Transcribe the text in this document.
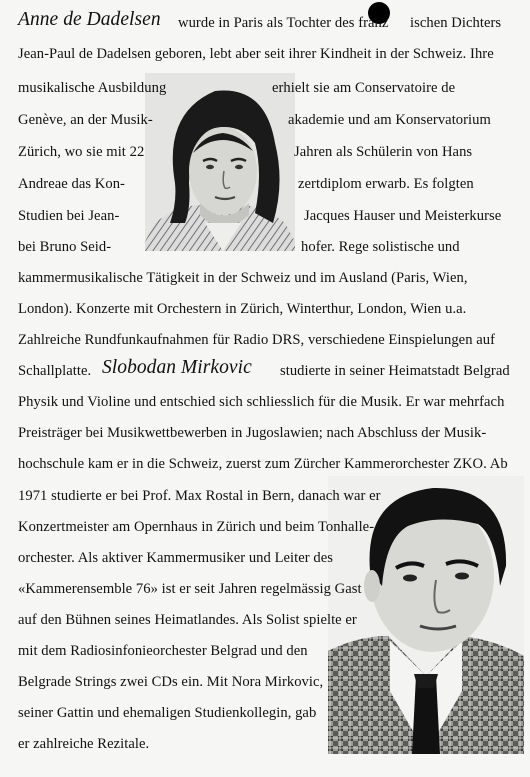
Anne de Dadelsen wurde in Paris als Tochter des franz ischen Dichters
Jean-Paul de Dadelsen geboren, lebt aber seit ihrer Kindheit in der Schweiz. Ihre
musikalische Ausbildung	erhielt sie am Conservatoire de
Genève, an der Musik-	akademie und am Konservatorium
Zürich, wo sie mit 22	Jahren als Schülerin von Hans
Andreae das Kon-	zertdiplom erwarb. Es folgten
Studien bei Jean-	Jacques Hauser und Meisterkurse
bei Bruno Seid-	hofer. Rege solistische und
kammermusikalische Tätigkeit in der Schweiz und im Ausland (Paris, Wien,
London). Konzerte mit Orchestern in Zürich, Winterthur, London, Wien u.a.
Zahlreiche Rundfunkaufnahmen für Radio DRS, verschiedene Einspielungen auf
Schallplatte. Slobodan Mirkovic studierte in seiner Heimatstadt Belgrad
Physik und Violine und entschied sich schliesslich für die Musik. Er war mehrfach
Preisträger bei Musikwettbewerben in Jugoslawien; nach Abschluss der Musik-
hochschule kam er in die Schweiz, zuerst zum Zürcher Kammerorchester ZKO. Ab
1971 studierte er bei Prof. Max Rostal in Bern, danach war er
Konzertmeister am Opernhaus in Zürich und beim Tonhalle-
orchester. Als aktiver Kammermusiker und Leiter des
«Kammerensemble 76» ist er seit Jahren regelmässig Gast
auf den Bühnen seines Heimatlandes. Als Solist spielte er
mit dem Radiosinfonieorchester Belgrad und den
Belgrade Strings zwei CDs ein. Mit Nora Mirkovic,
seiner Gattin und ehemaligen Studienkollegin, gab
er zahlreiche Rezitale.
